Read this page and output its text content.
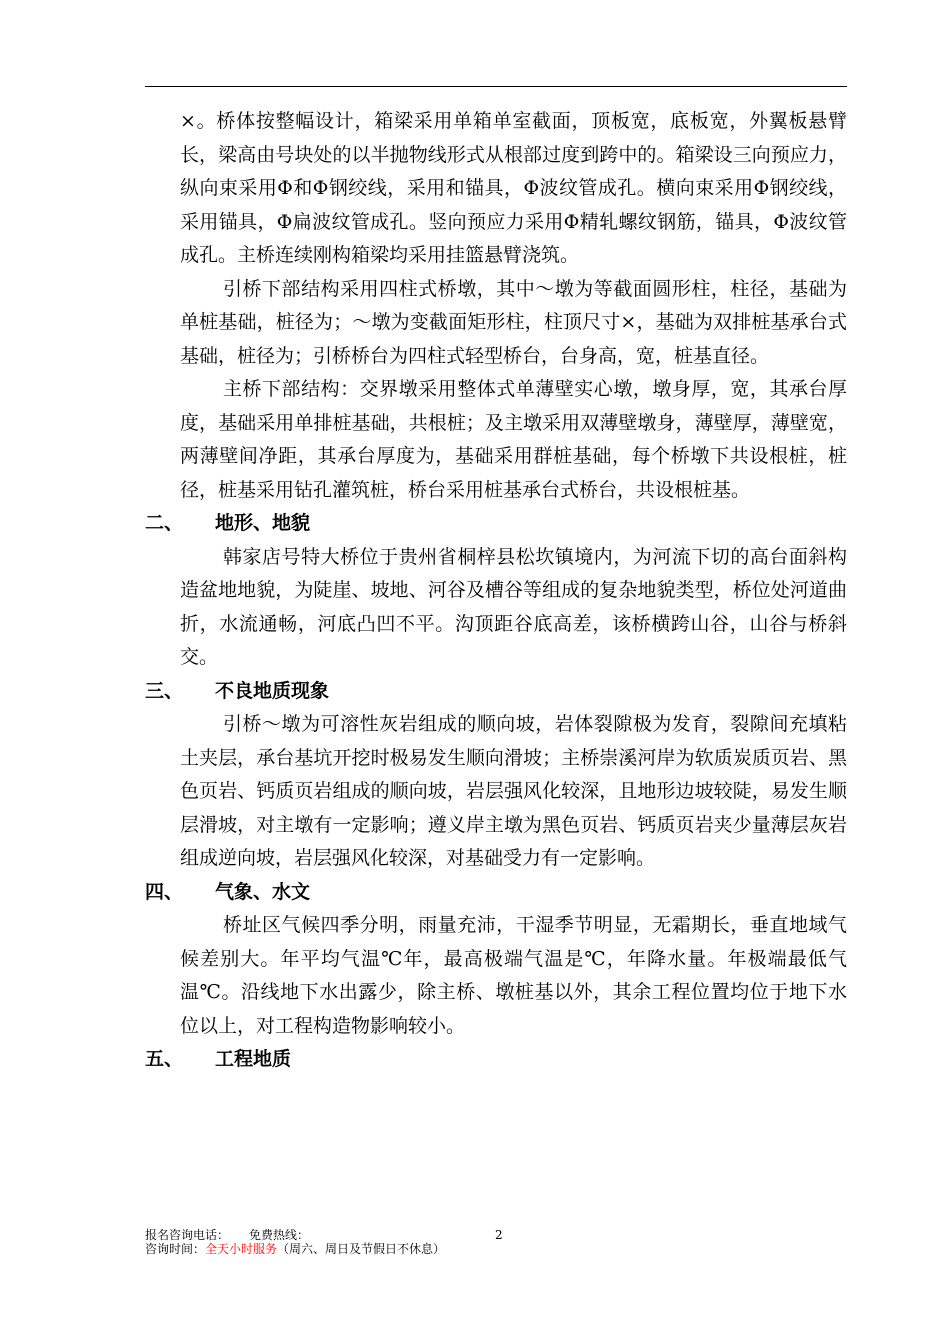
×。桥体按整幅设计，箱梁采用单箱单室截面，顶板宽，底板宽，外翼板悬臂长，梁高由号块处的以半抛物线形式从根部过度到跨中的。箱梁设三向预应力，纵向束采用Φ和Φ钢绞线，采用和锚具，Φ波纹管成孔。横向束采用Φ钢绞线，采用锚具，Φ扁波纹管成孔。竖向预应力采用Φ精轧螺纹钢筋，锚具，Φ波纹管成孔。主桥连续刚构箱梁均采用挂篮悬臂浇筑。

引桥下部结构采用四柱式桥墩，其中～墩为等截面圆形柱，柱径，基础为单桩基础，桩径为；～墩为变截面矩形柱，柱顶尺寸×，基础为双排桩基承台式基础，桩径为；引桥桥台为四柱式轻型桥台，台身高，宽，桩基直径。

主桥下部结构：交界墩采用整体式单薄壁实心墩，墩身厚，宽，其承台厚度，基础采用单排桩基础，共根桩；及主墩采用双薄壁墩身，薄壁厚，薄壁宽，两薄壁间净距，其承台厚度为，基础采用群桩基础，每个桥墩下共设根桩，桩径，桩基采用钻孔灌筑桩，桥台采用桩基承台式桥台，共设根桩基。

二、 地形、地貌

韩家店号特大桥位于贵州省桐梓县松坎镇境内，为河流下切的高台面斜构造盆地地貌，为陡崖、坡地、河谷及槽谷等组成的复杂地貌类型，桥位处河道曲折，水流通畅，河底凸凹不平。沟顶距谷底高差，该桥横跨山谷，山谷与桥斜交。

三、 不良地质现象

引桥～墩为可溶性灰岩组成的顺向坡，岩体裂隙极为发育，裂隙间充填粘土夹层，承台基坑开挖时极易发生顺向滑坡；主桥崇溪河岸为软质炭质页岩、黑色页岩、钙质页岩组成的顺向坡，岩层强风化较深，且地形边坡较陡，易发生顺层滑坡，对主墩有一定影响；遵义岸主墩为黑色页岩、钙质页岩夹少量薄层灰岩组成逆向坡，岩层强风化较深，对基础受力有一定影响。

四、 气象、水文

桥址区气候四季分明，雨量充沛，干湿季节明显，无霜期长，垂直地域气候差别大。年平均气温℃年，最高极端气温是℃，年降水量。年极端最低气温℃。沿线地下水出露少，除主桥、墩桩基以外，其余工程位置均位于地下水位以上，对工程构造物影响较小。

五、 工程地质
报名咨询电话： 免费热线：	2
咨询时间：全天小时服务（周六、周日及节假日不休息）
